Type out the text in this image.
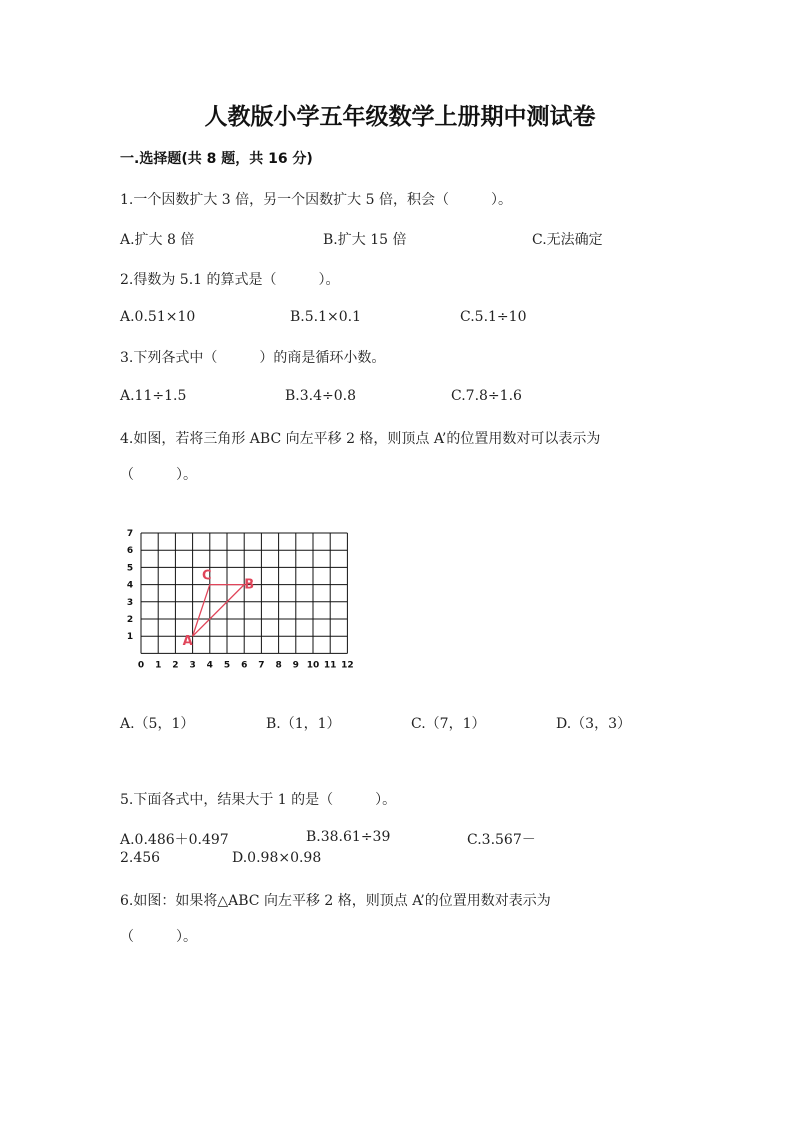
人教版小学五年级数学上册期中测试卷
一.选择题(共 8 题，共 16 分)
1.一个因数扩大 3 倍，另一个因数扩大 5 倍，积会（　　　）。
A.扩大 8 倍	B.扩大 15 倍	C.无法确定
2.得数为 5.1 的算式是（　　　）。
A.0.51×10	B.5.1×0.1	C.5.1÷10
3.下列各式中（　　　）的商是循环小数。
A.11÷1.5	B.3.4÷0.8	C.7.8÷1.6
4.如图，若将三角形 ABC 向左平移 2 格，则顶点 A’的位置用数对可以表示为
（　　　）。
0 1 2 3 4 5 6 7 8 9 10 11 12
1
2
3
4
5
6
7
A
B
C
A.（5，1）	B.（1，1）	C.（7，1）	D.（3，3）
5.下面各式中，结果大于 1 的是（　　　）。
A.0.486＋0.497	B.38.61÷39	C.3.567－
2.456	D.0.98×0.98
6.如图：如果将△ABC 向左平移 2 格，则顶点 A’的位置用数对表示为
（　　　）。
